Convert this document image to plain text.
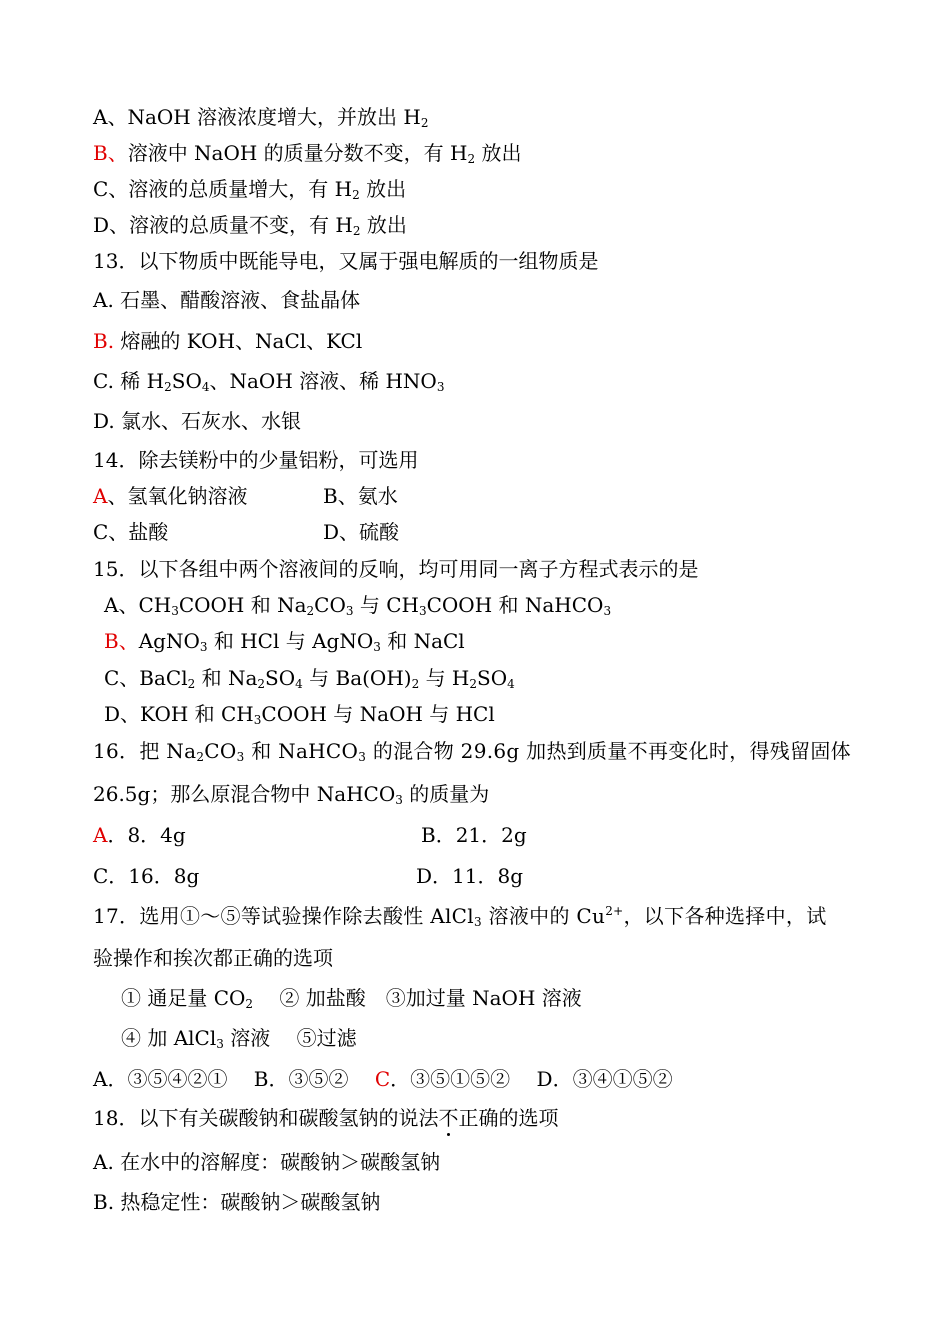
A、NaOH 溶液浓度增大，并放出 $H_2$
B、溶液中 NaOH 的质量分数不变，有 $H_2$ 放出
C、溶液的总质量增大，有 $H_2$ 放出
D、溶液的总质量不变，有 $H_2$ 放出
13．以下物质中既能导电，又属于强电解质的一组物质是
A. 石墨、醋酸溶液、食盐晶体
B. 熔融的 KOH、NaCl、KCl
C. 稀 $H_2SO_4$、NaOH 溶液、稀 $HNO_3$
D. 氯水、石灰水、水银
14．除去镁粉中的少量铝粉，可选用
A、氢氧化钠溶液	B、氨水
C、盐酸	D、硫酸
15．以下各组中两个溶液间的反响，均可用同一离子方程式表示的是
A、$CH_3COOH$ 和 $Na_2CO_3$ 与 $CH_3COOH$ 和 NaHCO$_3$
B、AgNO$_3$ 和 HCl 与 AgNO$_3$ 和 NaCl
C、BaCl$_2$ 和 $Na_2SO_4$ 与 $Ba(OH)_2$ 与 $H_2SO_4$
D、KOH 和 $CH_3COOH$ 与 NaOH 与 HCl
16．把 $Na_2CO_3$ 和 NaHCO$_3$ 的混合物 29.6g 加热到质量不再变化时，得残留固体
26.5g；那么原混合物中 NaHCO$_3$ 的质量为
A．8．4g	B．21．2g
C．16．8g	D．11．8g
17．选用①～⑤等试验操作除去酸性 AlCl$_3$ 溶液中的 $Cu^{2+}$，以下各种选择中，试
验操作和挨次都正确的选项
① 通足量 $CO_2$　 ② 加盐酸　③加过量 NaOH 溶液
④ 加 AlCl$_3$ 溶液　 ⑤过滤
A．③⑤④②①　 B．③⑤②　 C．③⑤①⑤②　 D．③④①⑤②
18．以下有关碳酸钠和碳酸氢钠的说法不正确的选项
A. 在水中的溶解度：碳酸钠＞碳酸氢钠
B. 热稳定性：碳酸钠＞碳酸氢钠
